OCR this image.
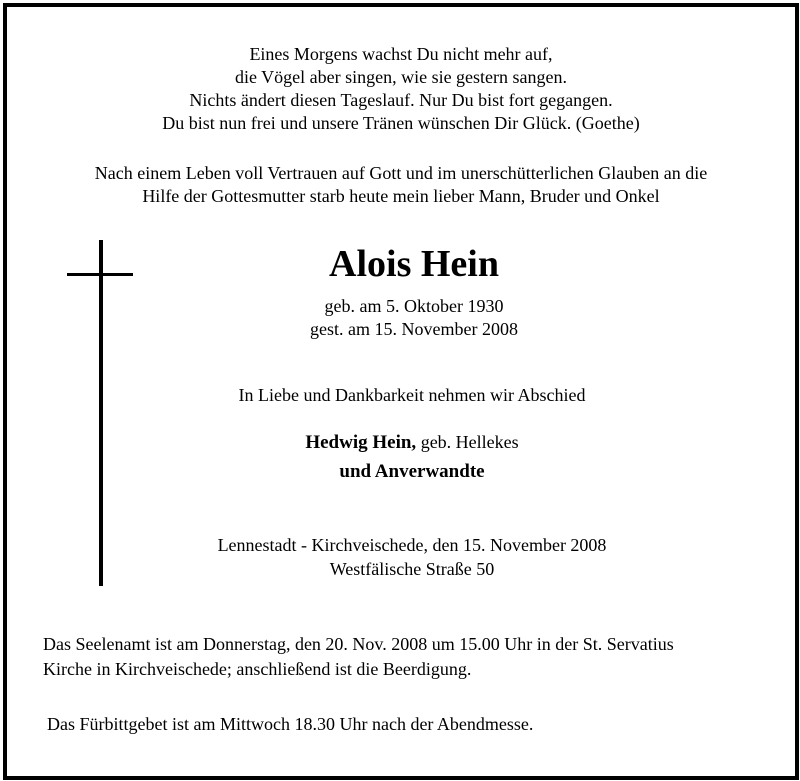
Eines Morgens wachst Du nicht mehr auf,
die Vögel aber singen, wie sie gestern sangen.
Nichts ändert diesen Tageslauf. Nur Du bist fort gegangen.
Du bist nun frei und unsere Tränen wünschen Dir Glück. (Goethe)
Nach einem Leben voll Vertrauen auf Gott und im unerschütterlichen Glauben an die
Hilfe der Gottesmutter starb heute mein lieber Mann, Bruder und Onkel
Alois Hein
geb. am 5. Oktober 1930
gest. am 15. November 2008
In Liebe und Dankbarkeit nehmen wir Abschied
Hedwig Hein, geb. Hellekes
und Anverwandte
Lennestadt - Kirchveischede, den 15. November 2008
Westfälische Straße 50
Das Seelenamt ist am Donnerstag, den 20. Nov. 2008 um 15.00 Uhr in der St. Servatius
Kirche in Kirchveischede; anschließend ist die Beerdigung.
Das Fürbittgebet ist am Mittwoch 18.30 Uhr nach der Abendmesse.
